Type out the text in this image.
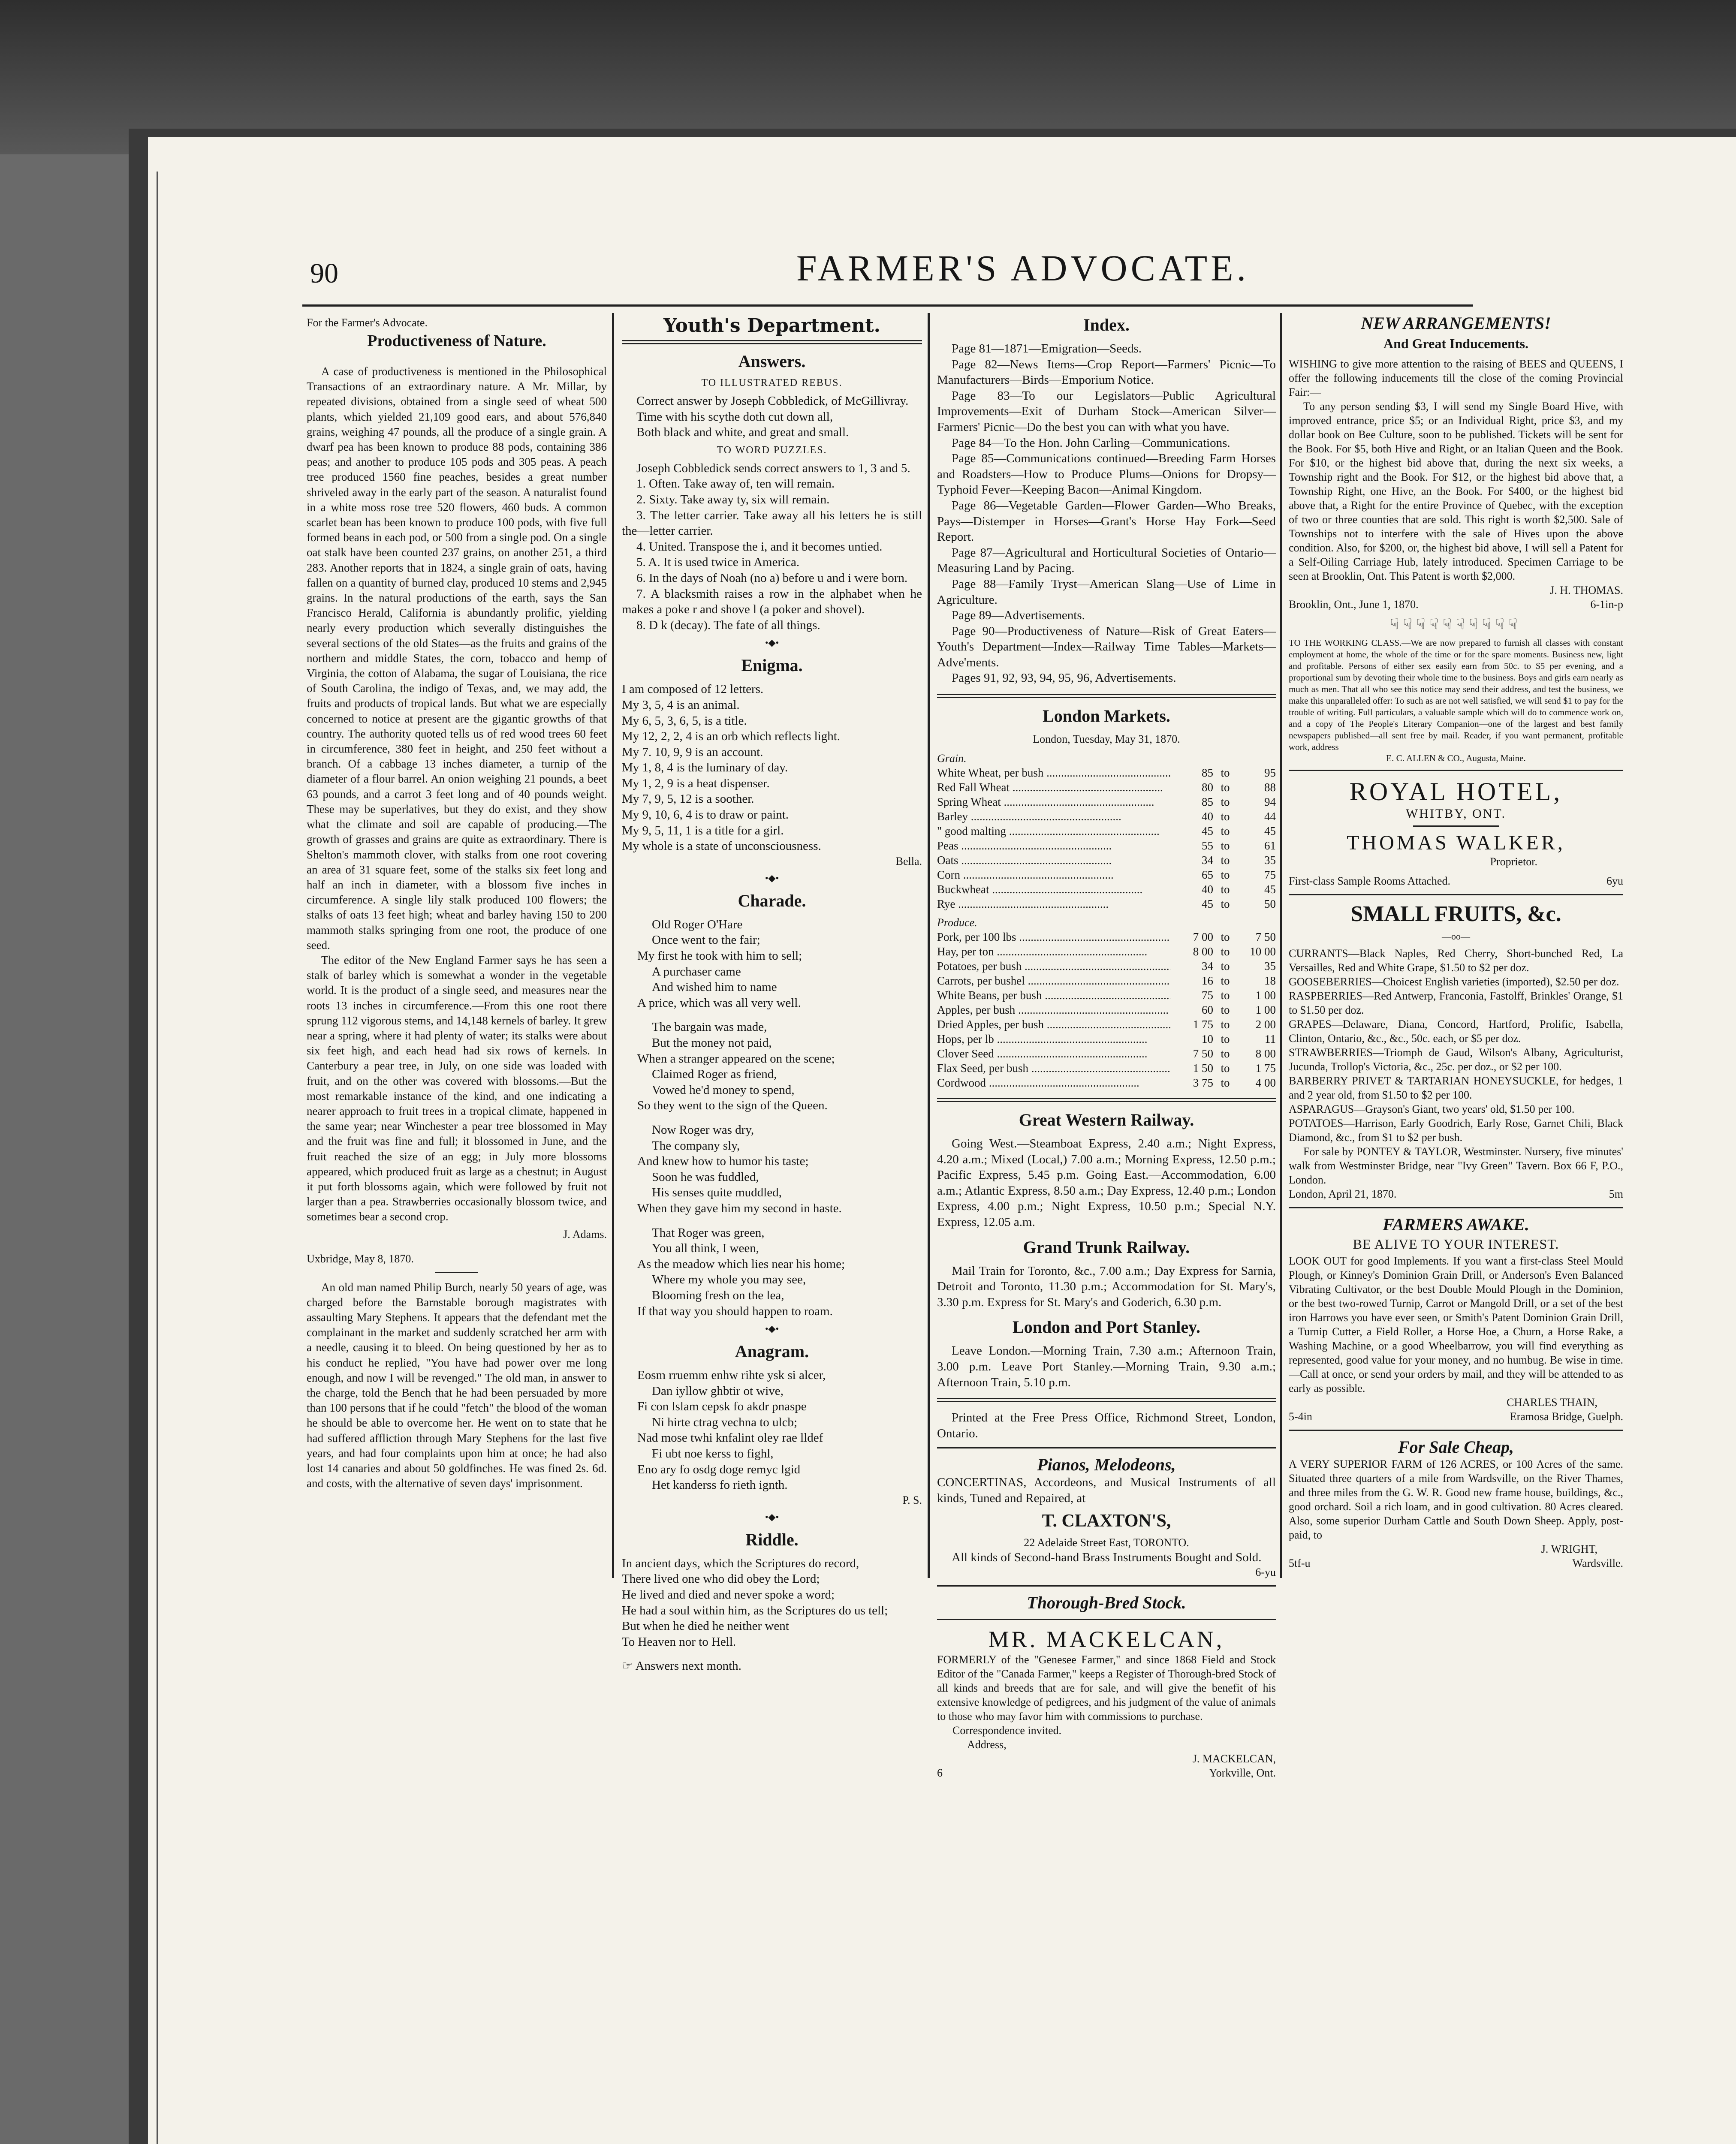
90	FARMER'S ADVOCATE.

For the Farmer's Advocate.

Productiveness of Nature.

A case of productiveness is mentioned in the Philosophical Transactions of an extraordinary nature. A Mr. Millar, by repeated divisions, obtained from a single seed of wheat 500 plants, which yielded 21,109 good ears, and about 576,840 grains, weighing 47 pounds, all the produce of a single grain. A dwarf pea has been known to produce 88 pods, containing 386 peas; and another to produce 105 pods and 305 peas. A peach tree produced 1560 fine peaches, besides a great number shriveled away in the early part of the season. A naturalist found in a white moss rose tree 520 flowers, 460 buds. A common scarlet bean has been known to produce 100 pods, with five full formed beans in each pod, or 500 from a single pod. On a single oat stalk have been counted 237 grains, on another 251, a third 283. Another reports that in 1824, a single grain of oats, having fallen on a quantity of burned clay, produced 10 stems and 2,945 grains. In the natural productions of the earth, says the San Francisco Herald, California is abundantly prolific, yielding nearly every production which severally distinguishes the several sections of the old States—as the fruits and grains of the northern and middle States, the corn, tobacco and hemp of Virginia, the cotton of Alabama, the sugar of Louisiana, the rice of South Carolina, the indigo of Texas, and, we may add, the fruits and products of tropical lands. But what we are especially concerned to notice at present are the gigantic growths of that country. The authority quoted tells us of red wood trees 60 feet in circumference, 380 feet in height, and 250 feet without a branch. Of a cabbage 13 inches diameter, a turnip of the diameter of a flour barrel. An onion weighing 21 pounds, a beet 63 pounds, and a carrot 3 feet long and of 40 pounds weight. These may be superlatives, but they do exist, and they show what the climate and soil are capable of producing.—The growth of grasses and grains are quite as extraordinary. There is Shelton's mammoth clover, with stalks from one root covering an area of 31 square feet, some of the stalks six feet long and half an inch in diameter, with a blossom five inches in circumference. A single lily stalk produced 100 flowers; the stalks of oats 13 feet high; wheat and barley having 150 to 200 mammoth stalks springing from one root, the produce of one seed.

The editor of the New England Farmer says he has seen a stalk of barley which is somewhat a wonder in the vegetable world. It is the product of a single seed, and measures near the roots 13 inches in circumference.—From this one root there sprung 112 vigorous stems, and 14,148 kernels of barley. It grew near a spring, where it had plenty of water; its stalks were about six feet high, and each head had six rows of kernels. In Canterbury a pear tree, in July, on one side was loaded with fruit, and on the other was covered with blossoms.—But the most remarkable instance of the kind, and one indicating a nearer approach to fruit trees in a tropical climate, happened in the same year; near Winchester a pear tree blossomed in May and the fruit was fine and full; it blossomed in June, and the fruit reached the size of an egg; in July more blossoms appeared, which produced fruit as large as a chestnut; in August it put forth blossoms again, which were followed by fruit not larger than a pea. Strawberries occasionally blossom twice, and sometimes bear a second crop.

J. Adams.

Uxbridge, May 8, 1870.

An old man named Philip Burch, nearly 50 years of age, was charged before the Barnstable borough magistrates with assaulting Mary Stephens. It appears that the defendant met the complainant in the market and suddenly scratched her arm with a needle, causing it to bleed. On being questioned by her as to his conduct he replied, "You have had power over me long enough, and now I will be revenged." The old man, in answer to the charge, told the Bench that he had been persuaded by more than 100 persons that if he could "fetch" the blood of the woman he should be able to overcome her. He went on to state that he had suffered affliction through Mary Stephens for the last five years, and had four complaints upon him at once; he had also lost 14 canaries and about 50 goldfinches. He was fined 2s. 6d. and costs, with the alternative of seven days' imprisonment.

Youth's Department.

Answers.

TO ILLUSTRATED REBUS.

Correct answer by Joseph Cobbledick, of McGillivray.

Time with his scythe doth cut down all,

Both black and white, and great and small.

TO WORD PUZZLES.

Joseph Cobbledick sends correct answers to 1, 3 and 5.

1. Often. Take away of, ten will remain.

2. Sixty. Take away ty, six will remain.

3. The letter carrier. Take away all his letters he is still the—letter carrier.

4. United. Transpose the i, and it becomes untied.

5. A. It is used twice in America.

6. In the days of Noah (no a) before u and i were born.

7. A blacksmith raises a row in the alphabet when he makes a poke r and shove l (a poker and shovel).

8. D k (decay). The fate of all things.

•◆•

Enigma.

I am composed of 12 letters.

My 3, 5, 4 is an animal.

My 6, 5, 3, 6, 5, is a title.

My 12, 2, 2, 4 is an orb which reflects light.

My 7. 10, 9, 9 is an account.

My 1, 8, 4 is the luminary of day.

My 1, 2, 9 is a heat dispenser.

My 7, 9, 5, 12 is a soother.

My 9, 10, 6, 4 is to draw or paint.

My 9, 5, 11, 1 is a title for a girl.

My whole is a state of unconsciousness.

Bella.

•◆•

Charade.

Old Roger O'Hare

Once went to the fair;

My first he took with him to sell;

A purchaser came

And wished him to name

A price, which was all very well.

The bargain was made,

But the money not paid,

When a stranger appeared on the scene;

Claimed Roger as friend,

Vowed he'd money to spend,

So they went to the sign of the Queen.

Now Roger was dry,

The company sly,

And knew how to humor his taste;

Soon he was fuddled,

His senses quite muddled,

When they gave him my second in haste.

That Roger was green,

You all think, I ween,

As the meadow which lies near his home;

Where my whole you may see,

Blooming fresh on the lea,

If that way you should happen to roam.

•◆•

Anagram.

Eosm rruemm enhw rihte ysk si alcer,

Dan iyllow ghbtir ot wive,

Fi con lslam cepsk fo akdr pnaspe

Ni hirte ctrag vechna to ulcb;

Nad mose twhi knfalint oley rae lldef

Fi ubt noe kerss to fighl,

Eno ary fo osdg doge remyc lgid

Het kanderss fo rieth ignth.

P. S.

•◆•

Riddle.

In ancient days, which the Scriptures do record,

There lived one who did obey the Lord;

He lived and died and never spoke a word;

He had a soul within him, as the Scriptures do us tell;

But when he died he neither went

To Heaven nor to Hell.

☞ Answers next month.

Index.

Page 81—1871—Emigration—Seeds.

Page 82—News Items—Crop Report—Farmers' Picnic—To Manufacturers—Birds—Emporium Notice.

Page 83—To our Legislators—Public Agricultural Improvements—Exit of Durham Stock—American Silver—Farmers' Picnic—Do the best you can with what you have.

Page 84—To the Hon. John Carling—Communications.

Page 85—Communications continued—Breeding Farm Horses and Roadsters—How to Produce Plums—Onions for Dropsy—Typhoid Fever—Keeping Bacon—Animal Kingdom.

Page 86—Vegetable Garden—Flower Garden—Who Breaks, Pays—Distemper in Horses—Grant's Horse Hay Fork—Seed Report.

Page 87—Agricultural and Horticultural Societies of Ontario—Measuring Land by Pacing.

Page 88—Family Tryst—American Slang—Use of Lime in Agriculture.

Page 89—Advertisements.

Page 90—Productiveness of Nature—Risk of Great Eaters—Youth's Department—Index—Railway Time Tables—Markets—Adve'ments.

Pages 91, 92, 93, 94, 95, 96, Advertisements.

London Markets.

London, Tuesday, May 31, 1870.

Grain.

White Wheat, per bush .....	85 to	95
Red Fall Wheat .....	80 to	88
Spring Wheat .....	85 to	94
Barley .....	40 to	44
" good malting .....	45 to	45
Peas .....	55 to	61
Oats .....	34 to	35
Corn .....	65 to	75
Buckwheat .....	40 to	45
Rye .....	45 to	50

Produce.

Pork, per 100 lbs .....	7 00 to	7 50
Hay, per ton .....	8 00 to	10 00
Potatoes, per bush .....	34 to	35
Carrots, per bushel .....	16 to	18
White Beans, per bush .....	75 to	1 00
Apples, per bush .....	60 to	1 00
Dried Apples, per bush .....	1 75 to	2 00
Hops, per lb .....	10 to	11
Clover Seed .....	7 50 to	8 00
Flax Seed, per bush .....	1 50 to	1 75
Cordwood .....	3 75 to	4 00

Great Western Railway.

Going West.—Steamboat Express, 2.40 a.m.; Night Express, 4.20 a.m.; Mixed (Local,) 7.00 a.m.; Morning Express, 12.50 p.m.; Pacific Express, 5.45 p.m. Going East.—Accommodation, 6.00 a.m.; Atlantic Express, 8.50 a.m.; Day Express, 12.40 p.m.; London Express, 4.00 p.m.; Night Express, 10.50 p.m.; Special N.Y. Express, 12.05 a.m.

Grand Trunk Railway.

Mail Train for Toronto, &c., 7.00 a.m.; Day Express for Sarnia, Detroit and Toronto, 11.30 p.m.; Accommodation for St. Mary's, 3.30 p.m. Express for St. Mary's and Goderich, 6.30 p.m.

London and Port Stanley.

Leave London.—Morning Train, 7.30 a.m.; Afternoon Train, 3.00 p.m. Leave Port Stanley.—Morning Train, 9.30 a.m.; Afternoon Train, 5.10 p.m.

Printed at the Free Press Office, Richmond Street, London, Ontario.

Pianos, Melodeons,

CONCERTINAS, Accordeons, and Musical Instruments of all kinds, Tuned and Repaired, at

T. CLAXTON'S,

22 Adelaide Street East, TORONTO.

All kinds of Second-hand Brass Instruments Bought and Sold.

6-yu

Thorough-Bred Stock.

MR. MACKELCAN,

FORMERLY of the "Genesee Farmer," and since 1868 Field and Stock Editor of the "Canada Farmer," keeps a Register of Thorough-bred Stock of all kinds and breeds that are for sale, and will give the benefit of his extensive knowledge of pedigrees, and his judgment of the value of animals to those who may favor him with commissions to purchase.

Correspondence invited.

Address,

J. MACKELCAN,

6	Yorkville, Ont.

NEW ARRANGEMENTS!

And Great Inducements.

WISHING to give more attention to the raising of BEES and QUEENS, I offer the following inducements till the close of the coming Provincial Fair:—

To any person sending $3, I will send my Single Board Hive, with improved entrance, price $5; or an Individual Right, price $3, and my dollar book on Bee Culture, soon to be published. Tickets will be sent for the Book. For $5, both Hive and Right, or an Italian Queen and the Book. For $10, or the highest bid above that, during the next six weeks, a Township right and the Book. For $12, or the highest bid above that, a Township Right, one Hive, an the Book. For $400, or the highest bid above that, a Right for the entire Province of Quebec, with the exception of two or three counties that are sold. This right is worth $2,500. Sale of Townships not to interfere with the sale of Hives upon the above condition. Also, for $200, or, the highest bid above, I will sell a Patent for a Self-Oiling Carriage Hub, lately introduced. Specimen Carriage to be seen at Brooklin, Ont. This Patent is worth $2,000.

J. H. THOMAS.

Brooklin, Ont., June 1, 1870.	6-1in-p
☟☟☟☟☟☟☟☟☟☟

TO THE WORKING CLASS.—We are now prepared to furnish all classes with constant employment at home, the whole of the time or for the spare moments. Business new, light and profitable. Persons of either sex easily earn from 50c. to $5 per evening, and a proportional sum by devoting their whole time to the business. Boys and girls earn nearly as much as men. That all who see this notice may send their address, and test the business, we make this unparalleled offer: To such as are not well satisfied, we will send $1 to pay for the trouble of writing. Full particulars, a valuable sample which will do to commence work on, and a copy of The People's Literary Companion—one of the largest and best family newspapers published—all sent free by mail. Reader, if you want permanent, profitable work, address

E. C. ALLEN & CO., Augusta, Maine.

ROYAL HOTEL,

WHITBY, ONT.

THOMAS WALKER,

Proprietor.

First-class Sample Rooms Attached.	6yu

SMALL FRUITS, &c.

—oo—

CURRANTS—Black Naples, Red Cherry, Short-bunched Red, La Versailles, Red and White Grape, $1.50 to $2 per doz.

GOOSEBERRIES—Choicest English varieties (imported), $2.50 per doz.

RASPBERRIES—Red Antwerp, Franconia, Fastolff, Brinkles' Orange, $1 to $1.50 per doz.

GRAPES—Delaware, Diana, Concord, Hartford, Prolific, Isabella, Clinton, Ontario, &c., &c., 50c. each, or $5 per doz.

STRAWBERRIES—Triomph de Gaud, Wilson's Albany, Agriculturist, Jucunda, Trollop's Victoria, &c., 25c. per doz., or $2 per 100.

BARBERRY PRIVET & TARTARIAN HONEYSUCKLE, for hedges, 1 and 2 year old, from $1.50 to $2 per 100.

ASPARAGUS—Grayson's Giant, two years' old, $1.50 per 100.

POTATOES—Harrison, Early Goodrich, Early Rose, Garnet Chili, Black Diamond, &c., from $1 to $2 per bush.

For sale by PONTEY & TAYLOR, Westminster. Nursery, five minutes' walk from Westminster Bridge, near "Ivy Green" Tavern. Box 66 F, P.O., London.

London, April 21, 1870.	5m

FARMERS AWAKE.

BE ALIVE TO YOUR INTEREST.

LOOK OUT for good Implements. If you want a first-class Steel Mould Plough, or Kinney's Dominion Grain Drill, or Anderson's Even Balanced Vibrating Cultivator, or the best Double Mould Plough in the Dominion, or the best two-rowed Turnip, Carrot or Mangold Drill, or a set of the best iron Harrows you have ever seen, or Smith's Patent Dominion Grain Drill, a Turnip Cutter, a Field Roller, a Horse Hoe, a Churn, a Horse Rake, a Washing Machine, or a good Wheelbarrow, you will find everything as represented, good value for your money, and no humbug. Be wise in time.—Call at once, or send your orders by mail, and they will be attended to as early as possible.

CHARLES THAIN,

5-4in	Eramosa Bridge, Guelph.

For Sale Cheap,

A VERY SUPERIOR FARM of 126 ACRES, or 100 Acres of the same. Situated three quarters of a mile from Wardsville, on the River Thames, and three miles from the G. W. R. Good new frame house, buildings, &c., good orchard. Soil a rich loam, and in good cultivation. 80 Acres cleared. Also, some superior Durham Cattle and South Down Sheep. Apply, post-paid, to

J. WRIGHT,

5tf-u	Wardsville.
